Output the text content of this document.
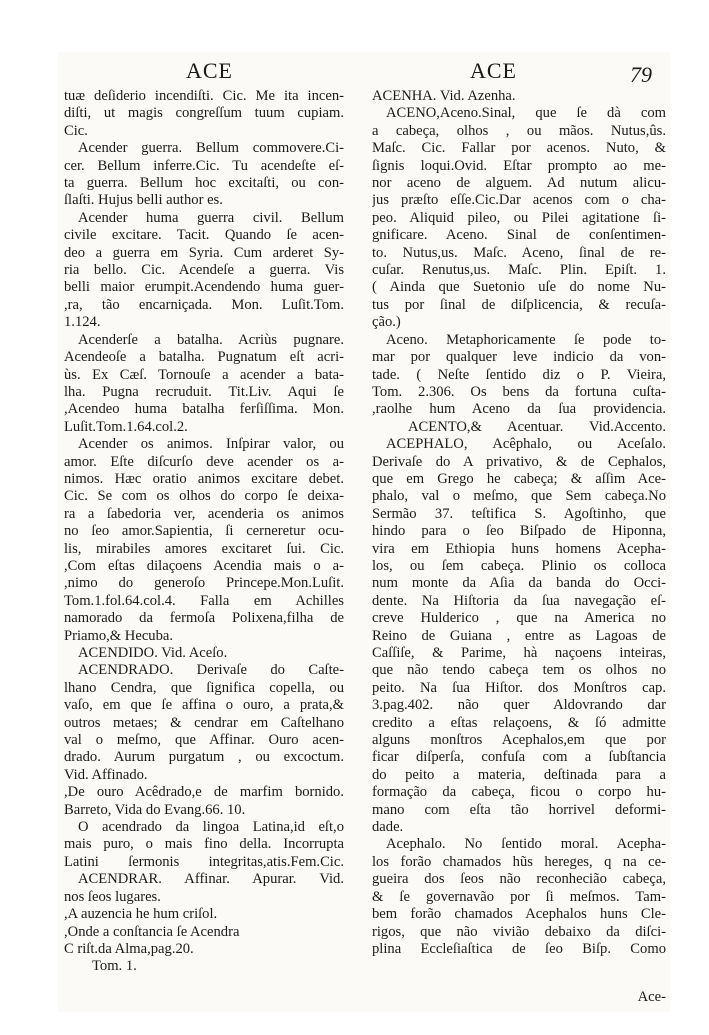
ACE	ACE	79
tuæ deſiderio incendiſti. Cic. Me ita incen-
diſti, ut magis congreſſum tuum cupiam.
Cic.
Acender guerra. Bellum commovere.Ci-
cer. Bellum inferre.Cic. Tu acendeſte eſ-
ta guerra. Bellum hoc excitaſti, ou con-
ſlaſti. Hujus belli author es.
Acender huma guerra civil. Bellum
civile excitare. Tacit. Quando ſe acen-
deo a guerra em Syria. Cum arderet Sy-
ria bello. Cic. Acendeſe a guerra. Vis
belli maior erumpit.Acendendo huma guer-
,ra, tão encarniçada. Mon. Luſit.Tom.
1.124.
Acenderſe a batalha. Acriùs pugnare.
Acendeoſe a batalha. Pugnatum eſt acri-
ùs. Ex Cæſ. Tornouſe a acender a bata-
lha. Pugna recruduit. Tit.Liv. Aqui ſe
,Acendeo huma batalha ferſiſſima. Mon.
Luſit.Tom.1.64.col.2.
Acender os animos. Inſpirar valor, ou
amor. Eſte diſcurſo deve acender os a-
nimos. Hæc oratio animos excitare debet.
Cic. Se com os olhos do corpo ſe deixa-
ra a ſabedoria ver, acenderia os animos
no ſeo amor.Sapientia, ſi cerneretur ocu-
lis, mirabiles amores excitaret ſui. Cic.
,Com eſtas dilaçoens Acendia mais o a-
,nimo do generoſo Princepe.Mon.Luſit.
Tom.1.fol.64.col.4. Falla em Achilles
namorado da fermoſa Polixena,filha de
Priamo,& Hecuba.
ACENDIDO. Vid. Aceſo.
ACENDRADO. Derivaſe do Caſte-
lhano Cendra, que ſignifica copella, ou
vaſo, em que ſe affina o ouro, a prata,&
outros metaes; & cendrar em Caſtelhano
val o meſmo, que Affinar. Ouro acen-
drado. Aurum purgatum , ou excoctum.
Vid. Affinado.
,De ouro Acêdrado,e de marfim bornido.
Barreto, Vida do Evang.66. 10.
O acendrado da lingoa Latina,id eſt,o
mais puro, o mais fino della. Incorrupta
Latini ſermonis integritas,atis.Fem.Cic.
ACENDRAR. Affinar. Apurar. Vid.
nos ſeos lugares.
,A auzencia he hum criſol.
,Onde a conſtancia ſe Acendra
C riſt.da Alma,pag.20.
Tom. 1.
ACENHA. Vid. Azenha.
ACENO,Aceno.Sinal, que ſe dà com
a cabeça, olhos , ou mãos. Nutus,ûs.
Maſc. Cic. Fallar por acenos. Nuto, &
ſignis loqui.Ovid. Eſtar prompto ao me-
nor aceno de alguem. Ad nutum alicu-
jus præſto eſſe.Cic.Dar acenos com o cha-
peo. Aliquid pileo, ou Pilei agitatione ſi-
gnificare. Aceno. Sinal de conſentimen-
to. Nutus,us. Maſc. Aceno, ſinal de re-
cuſar. Renutus,us. Maſc. Plin. Epiſt. 1.
( Ainda que Suetonio uſe do nome Nu-
tus por ſinal de diſplicencia, & recuſa-
ção.)
Aceno. Metaphoricamente ſe pode to-
mar por qualquer leve indicio da von-
tade. ( Neſte ſentido diz o P. Vieira,
Tom. 2.306. Os bens da fortuna cuſta-
,raolhe hum Aceno da ſua providencia.
ACENTO,& Acentuar. Vid.Accento.
ACEPHALO, Acêphalo, ou Aceſalo.
Derivaſe do A privativo, & de Cephalos,
que em Grego he cabeça; & aſſim Ace-
phalo, val o meſmo, que Sem cabeça.No
Sermão 37. teſtifica S. Agoſtinho, que
hindo para o ſeo Biſpado de Hiponna,
vira em Ethiopia huns homens Acepha-
los, ou ſem cabeça. Plinio os colloca
num monte da Aſia da banda do Occi-
dente. Na Hiſtoria da ſua navegação eſ-
creve Hulderico , que na America no
Reino de Guiana , entre as Lagoas de
Caſſiſe, & Parime, hà naçoens inteiras,
que não tendo cabeça tem os olhos no
peito. Na ſua Hiſtor. dos Monſtros cap.
3.pag.402. não quer Aldovrando dar
credito a eſtas relaçoens, & ſó admitte
alguns monſtros Acephalos,em que por
ficar diſperſa, confuſa com a ſubſtancia
do peito a materia, deſtinada para a
formação da cabeça, ficou o corpo hu-
mano com eſta tão horrivel deformi-
dade.
Acephalo. No ſentido moral. Acepha-
los forão chamados hũs hereges, q na ce-
gueira dos ſeos não reconhecião cabeça,
& ſe governavão por ſi meſmos. Tam-
bem forão chamados Acephalos huns Cle-
rigos, que não vivião debaixo da diſci-
plina Eccleſiaſtica de ſeo Biſp. Como
Ace-
